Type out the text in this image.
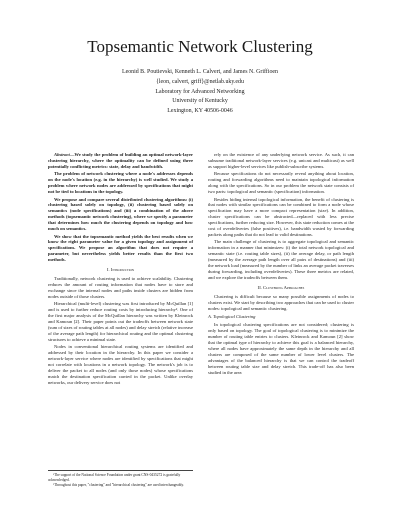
Topsemantic Network Clustering
Leonid B. Poutievski, Kenneth L. Calvert, and James N. Griffioen
{leon, calvert, griff}@netlab.uky.edu
Laboratory for Advanced Networking
University of Kentucky
Lexington, KY 40506-0046

Abstract—We study the problem of building an optimal network-layer clustering hierarchy, where the optimality can be defined using three potentially conflicting metrics: state, delay and bandwidth.

The problem of network clustering where a node's addresses depends on the node's location (e.g. in the hierarchy) is well studied. We study a problem where network nodes are addressed by specifications that might not be tied to locations in the topology.

We propose and compare several distributed clustering algorithms: (i) clustering based solely on topology, (ii) clustering based solely on semantics (node specifications) and (iii) a combination of the above methods (topsemantic network clustering), where we specify a parameter that determines how much the clustering depends on topology and how much on semantics.

We show that the topsemantic method yields the best results when we know the right parameter value for a given topology and assignment of specifications. We propose an algorithm that does not require a parameter, but nevertheless yields better results than the first two methods.

I. Introduction

Traditionally, network clustering is used to achieve scalability. Clustering reduces the amount of routing information that nodes have to store and exchange since the internal nodes and paths inside clusters are hidden from nodes outside of those clusters.

Hierarchical (multi-level) clustering was first introduced by McQuillan [1] and is used to further reduce routing costs by introducing hierarchy². One of the first major analysis of the McQuillan hierarchy was written by Kleinrock and Kamoun [2]. Their paper points out the tradeoffs between network state (sum of sizes of routing tables at all nodes) and delay stretch (relative increase of the average path length) for hierarchical routing and the optimal clustering structures to achieve a minimal state.

Nodes in conventional hierarchical routing systems are identified and addressed by their location in the hierarchy. In this paper we consider a network-layer service where nodes are identified by specifications that might not correlate with locations in a network topology. The network's job is to deliver the packet to all nodes (and only those nodes) whose specifications match the destination specification carried in the packet. Unlike overlay networks, our delivery service does not

¹The support of the National Science Foundation under grant CNS-0435272 is gratefully acknowledged.

²Throughout this paper, "clustering" and "hierarchical clustering" are used interchangeably.

rely on the existence of any underlying network service. As such, it can subsume traditional network-layer services (e.g. unicast and multicast) as well as support higher-level services like publish-subscribe systems.

Because specifications do not necessarily reveal anything about location, routing and forwarding algorithms need to maintain topological information along with the specifications. So in our problem the network state consists of two parts: topological and semantic (specification) information.

Besides hiding internal topological information, the benefit of clustering is that nodes with similar specifications can be combined to form a node whose specification may have a more compact representation (size). In addition, cluster specifications can be abstracted—replaced with less precise specifications, further reducing size. However, this state reduction comes at the cost of overdeliveries (false positives), i.e. bandwidth wasted by forwarding packets along paths that do not lead to valid destinations.

The main challenge of clustering is to aggregate topological and semantic information in a manner that minimizes: (i) the total network topological and semantic state (i.e. routing table sizes), (ii) the average delay, or path length (measured by the average path length over all pairs of destinations) and (iii) the network load (measured by the number of links an average packet traverses during forwarding, including overdeliveries). These three metrics are related, and we explore the tradeoffs between them.

II. Clustering Approaches

Clustering is difficult because so many possible assignments of nodes to clusters exist. We start by describing two approaches that can be used to cluster nodes: topological and semantic clustering.

A. Topological Clustering

In topological clustering specifications are not considered; clustering is only based on topology. The goal of topological clustering is to minimize the number of routing table entries to clusters. Kleinrock and Kamoun [2] show that the optimal type of hierarchy to achieve this goal is a balanced hierarchy, where all nodes have approximately the same depth in the hierarchy and all clusters are composed of the same number of lower level clusters. The advantages of the balanced hierarchy is that we can control the tradeoff between routing table size and delay stretch. This trade-off has also been studied in the area
